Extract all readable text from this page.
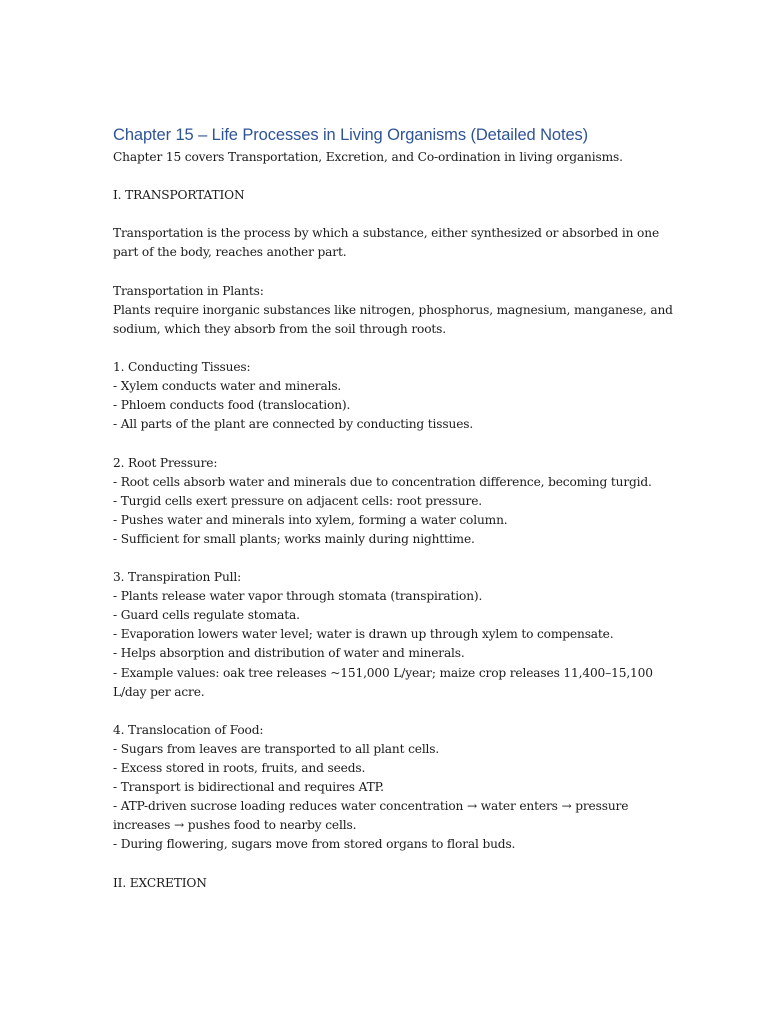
Chapter 15 – Life Processes in Living Organisms (Detailed Notes)
Chapter 15 covers Transportation, Excretion, and Co-ordination in living organisms.
I. TRANSPORTATION
Transportation is the process by which a substance, either synthesized or absorbed in one
part of the body, reaches another part.
Transportation in Plants:
Plants require inorganic substances like nitrogen, phosphorus, magnesium, manganese, and
sodium, which they absorb from the soil through roots.
1. Conducting Tissues:
- Xylem conducts water and minerals.
- Phloem conducts food (translocation).
- All parts of the plant are connected by conducting tissues.
2. Root Pressure:
- Root cells absorb water and minerals due to concentration difference, becoming turgid.
- Turgid cells exert pressure on adjacent cells: root pressure.
- Pushes water and minerals into xylem, forming a water column.
- Sufficient for small plants; works mainly during nighttime.
3. Transpiration Pull:
- Plants release water vapor through stomata (transpiration).
- Guard cells regulate stomata.
- Evaporation lowers water level; water is drawn up through xylem to compensate.
- Helps absorption and distribution of water and minerals.
- Example values: oak tree releases ~151,000 L/year; maize crop releases 11,400–15,100
L/day per acre.
4. Translocation of Food:
- Sugars from leaves are transported to all plant cells.
- Excess stored in roots, fruits, and seeds.
- Transport is bidirectional and requires ATP.
- ATP-driven sucrose loading reduces water concentration → water enters → pressure
increases → pushes food to nearby cells.
- During flowering, sugars move from stored organs to floral buds.
II. EXCRETION
